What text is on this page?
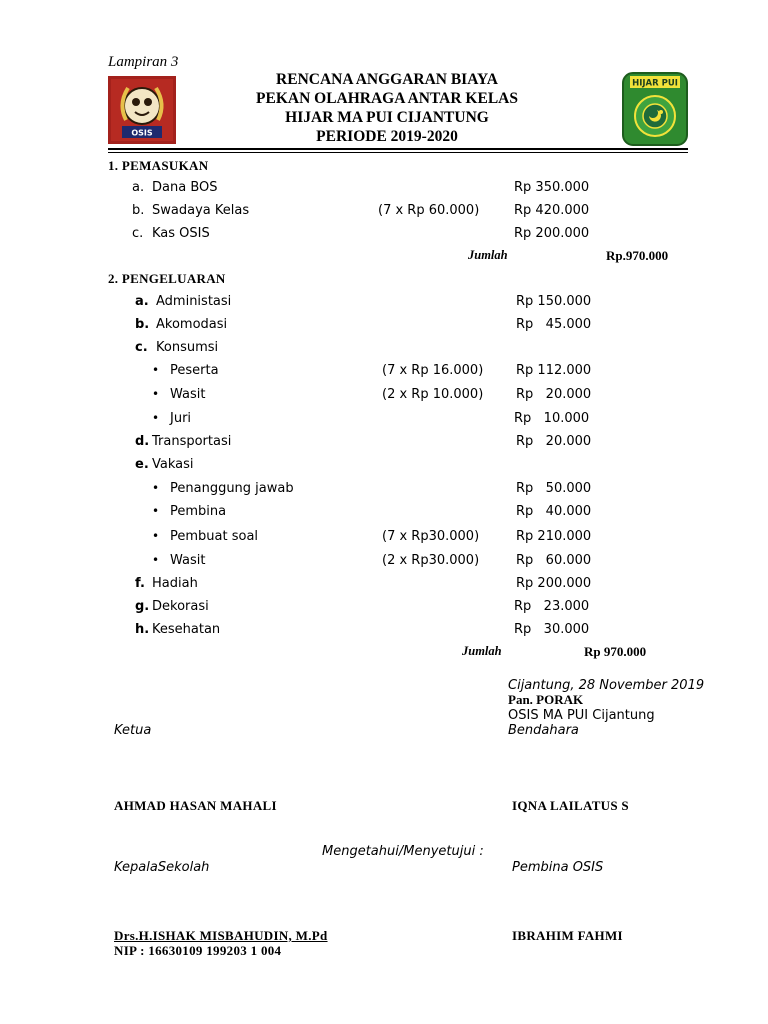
Lampiran 3
OSIS
RENCANA ANGGARAN BIAYA
PEKAN OLAHRAGA ANTAR KELAS
HIJAR MA PUI CIJANTUNG
PERIODE 2019-2020
HIJAR PUI
1. PEMASUKAN
a. Dana BOS	Rp 350.000
b. Swadaya Kelas	(7 x Rp 60.000)	Rp 420.000
c. Kas OSIS	Rp 200.000
Jumlah	Rp.970.000
2. PENGELUARAN
a. Administasi	Rp 150.000
b. Akomodasi	Rp   45.000
c. Konsumsi
• Peserta	(7 x Rp 16.000)	Rp 112.000
• Wasit	(2 x Rp 10.000)	Rp   20.000
• Juri	Rp   10.000
d. Transportasi	Rp   20.000
e. Vakasi
• Penanggung jawab	Rp   50.000
• Pembina	Rp   40.000
• Pembuat soal	(7 x Rp30.000)	Rp 210.000
• Wasit	(2 x Rp30.000)	Rp   60.000
f. Hadiah	Rp 200.000
g. Dekorasi	Rp   23.000
h. Kesehatan	Rp   30.000
Jumlah	Rp 970.000
Cijantung, 28 November 2019
Pan. PORAK
OSIS MA PUI Cijantung
Ketua	Bendahara
AHMAD HASAN MAHALI	IQNA LAILATUS S
Mengetahui/Menyetujui :
KepalaSekolah	Pembina OSIS
Drs.H.ISHAK MISBAHUDIN, M.Pd
NIP : 16630109 199203 1 004
IBRAHIM FAHMI
